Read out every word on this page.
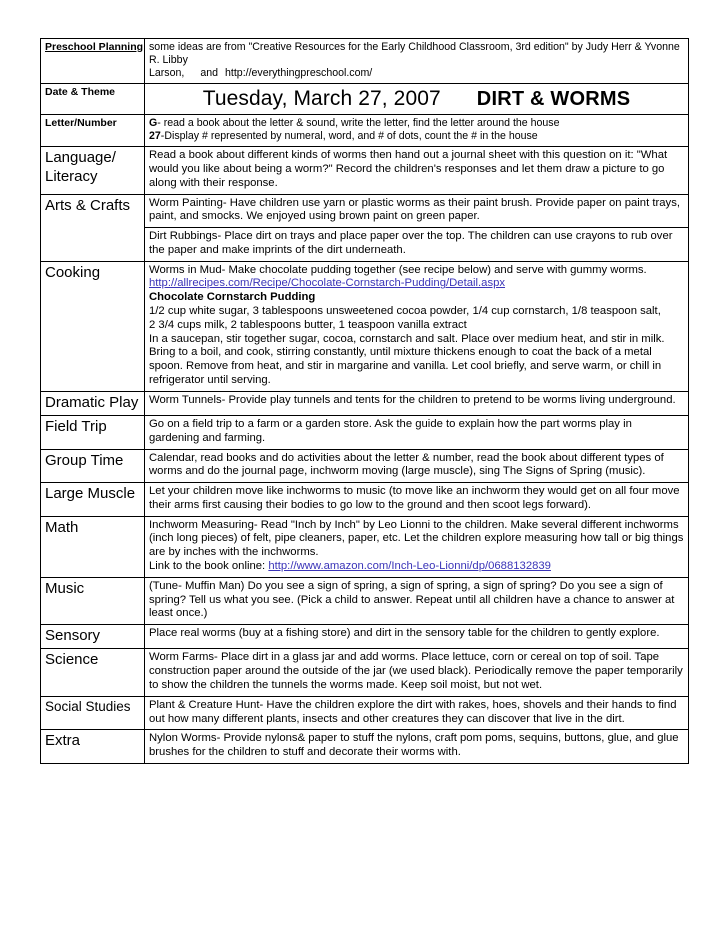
Preschool Planning	some ideas are from "Creative Resources for the Early Childhood Classroom, 3rd edition" by Judy Herr & Yvonne R. Libby

Larson, and http://everythingpreschool.com/

Date & Theme	Tuesday, March 27, 2007 DIRT & WORMS
Letter/Number	G- read a book about the letter & sound, write the letter, find the letter around the house

27-Display # represented by numeral, word, and # of dots, count the # in the house

Language/
Literacy	Read a book about different kinds of worms then hand out a journal sheet with this question on it: "What would you like about being a worm?" Record the children's responses and let them draw a picture to go along with their response.
Arts & Crafts	Worm Painting- Have children use yarn or plastic worms as their paint brush. Provide paper on paint trays, paint, and smocks. We enjoyed using brown paint on green paper.
	Dirt Rubbings- Place dirt on trays and place paper over the top. The children can use crayons to rub over the paper and make imprints of the dirt underneath.
Cooking	Worms in Mud- Make chocolate pudding together (see recipe below) and serve with gummy worms.

http://allrecipes.com/Recipe/Chocolate-Cornstarch-Pudding/Detail.aspx

Chocolate Cornstarch Pudding

1/2 cup white sugar, 3 tablespoons unsweetened cocoa powder, 1/4 cup cornstarch, 1/8 teaspoon salt,

2 3/4 cups milk, 2 tablespoons butter, 1 teaspoon vanilla extract

In a saucepan, stir together sugar, cocoa, cornstarch and salt. Place over medium heat, and stir in milk. Bring to a boil, and cook, stirring constantly, until mixture thickens enough to coat the back of a metal spoon. Remove from heat, and stir in margarine and vanilla. Let cool briefly, and serve warm, or chill in refrigerator until serving.

Dramatic Play	Worm Tunnels- Provide play tunnels and tents for the children to pretend to be worms living underground.
Field Trip	Go on a field trip to a farm or a garden store. Ask the guide to explain how the part worms play in gardening and farming.
Group Time	Calendar, read books and do activities about the letter & number, read the book about different types of worms and do the journal page, inchworm moving (large muscle), sing The Signs of Spring (music).
Large Muscle	Let your children move like inchworms to music (to move like an inchworm they would get on all four move their arms first causing their bodies to go low to the ground and then scoot legs forward).
Math	Inchworm Measuring- Read "Inch by Inch" by Leo Lionni to the children. Make several different inchworms (inch long pieces) of felt, pipe cleaners, paper, etc. Let the children explore measuring how tall or big things are by inches with the inchworms.

Link to the book online: http://www.amazon.com/Inch-Leo-Lionni/dp/0688132839

Music	(Tune- Muffin Man) Do you see a sign of spring, a sign of spring, a sign of spring? Do you see a sign of spring? Tell us what you see. (Pick a child to answer. Repeat until all children have a chance to answer at least once.)
Sensory	Place real worms (buy at a fishing store) and dirt in the sensory table for the children to gently explore.
Science	Worm Farms- Place dirt in a glass jar and add worms. Place lettuce, corn or cereal on top of soil. Tape construction paper around the outside of the jar (we used black). Periodically remove the paper temporarily to show the children the tunnels the worms made. Keep soil moist, but not wet.
Social Studies	Plant & Creature Hunt- Have the children explore the dirt with rakes, hoes, shovels and their hands to find out how many different plants, insects and other creatures they can discover that live in the dirt.
Extra	Nylon Worms- Provide nylons& paper to stuff the nylons, craft pom poms, sequins, buttons, glue, and glue brushes for the children to stuff and decorate their worms with.
